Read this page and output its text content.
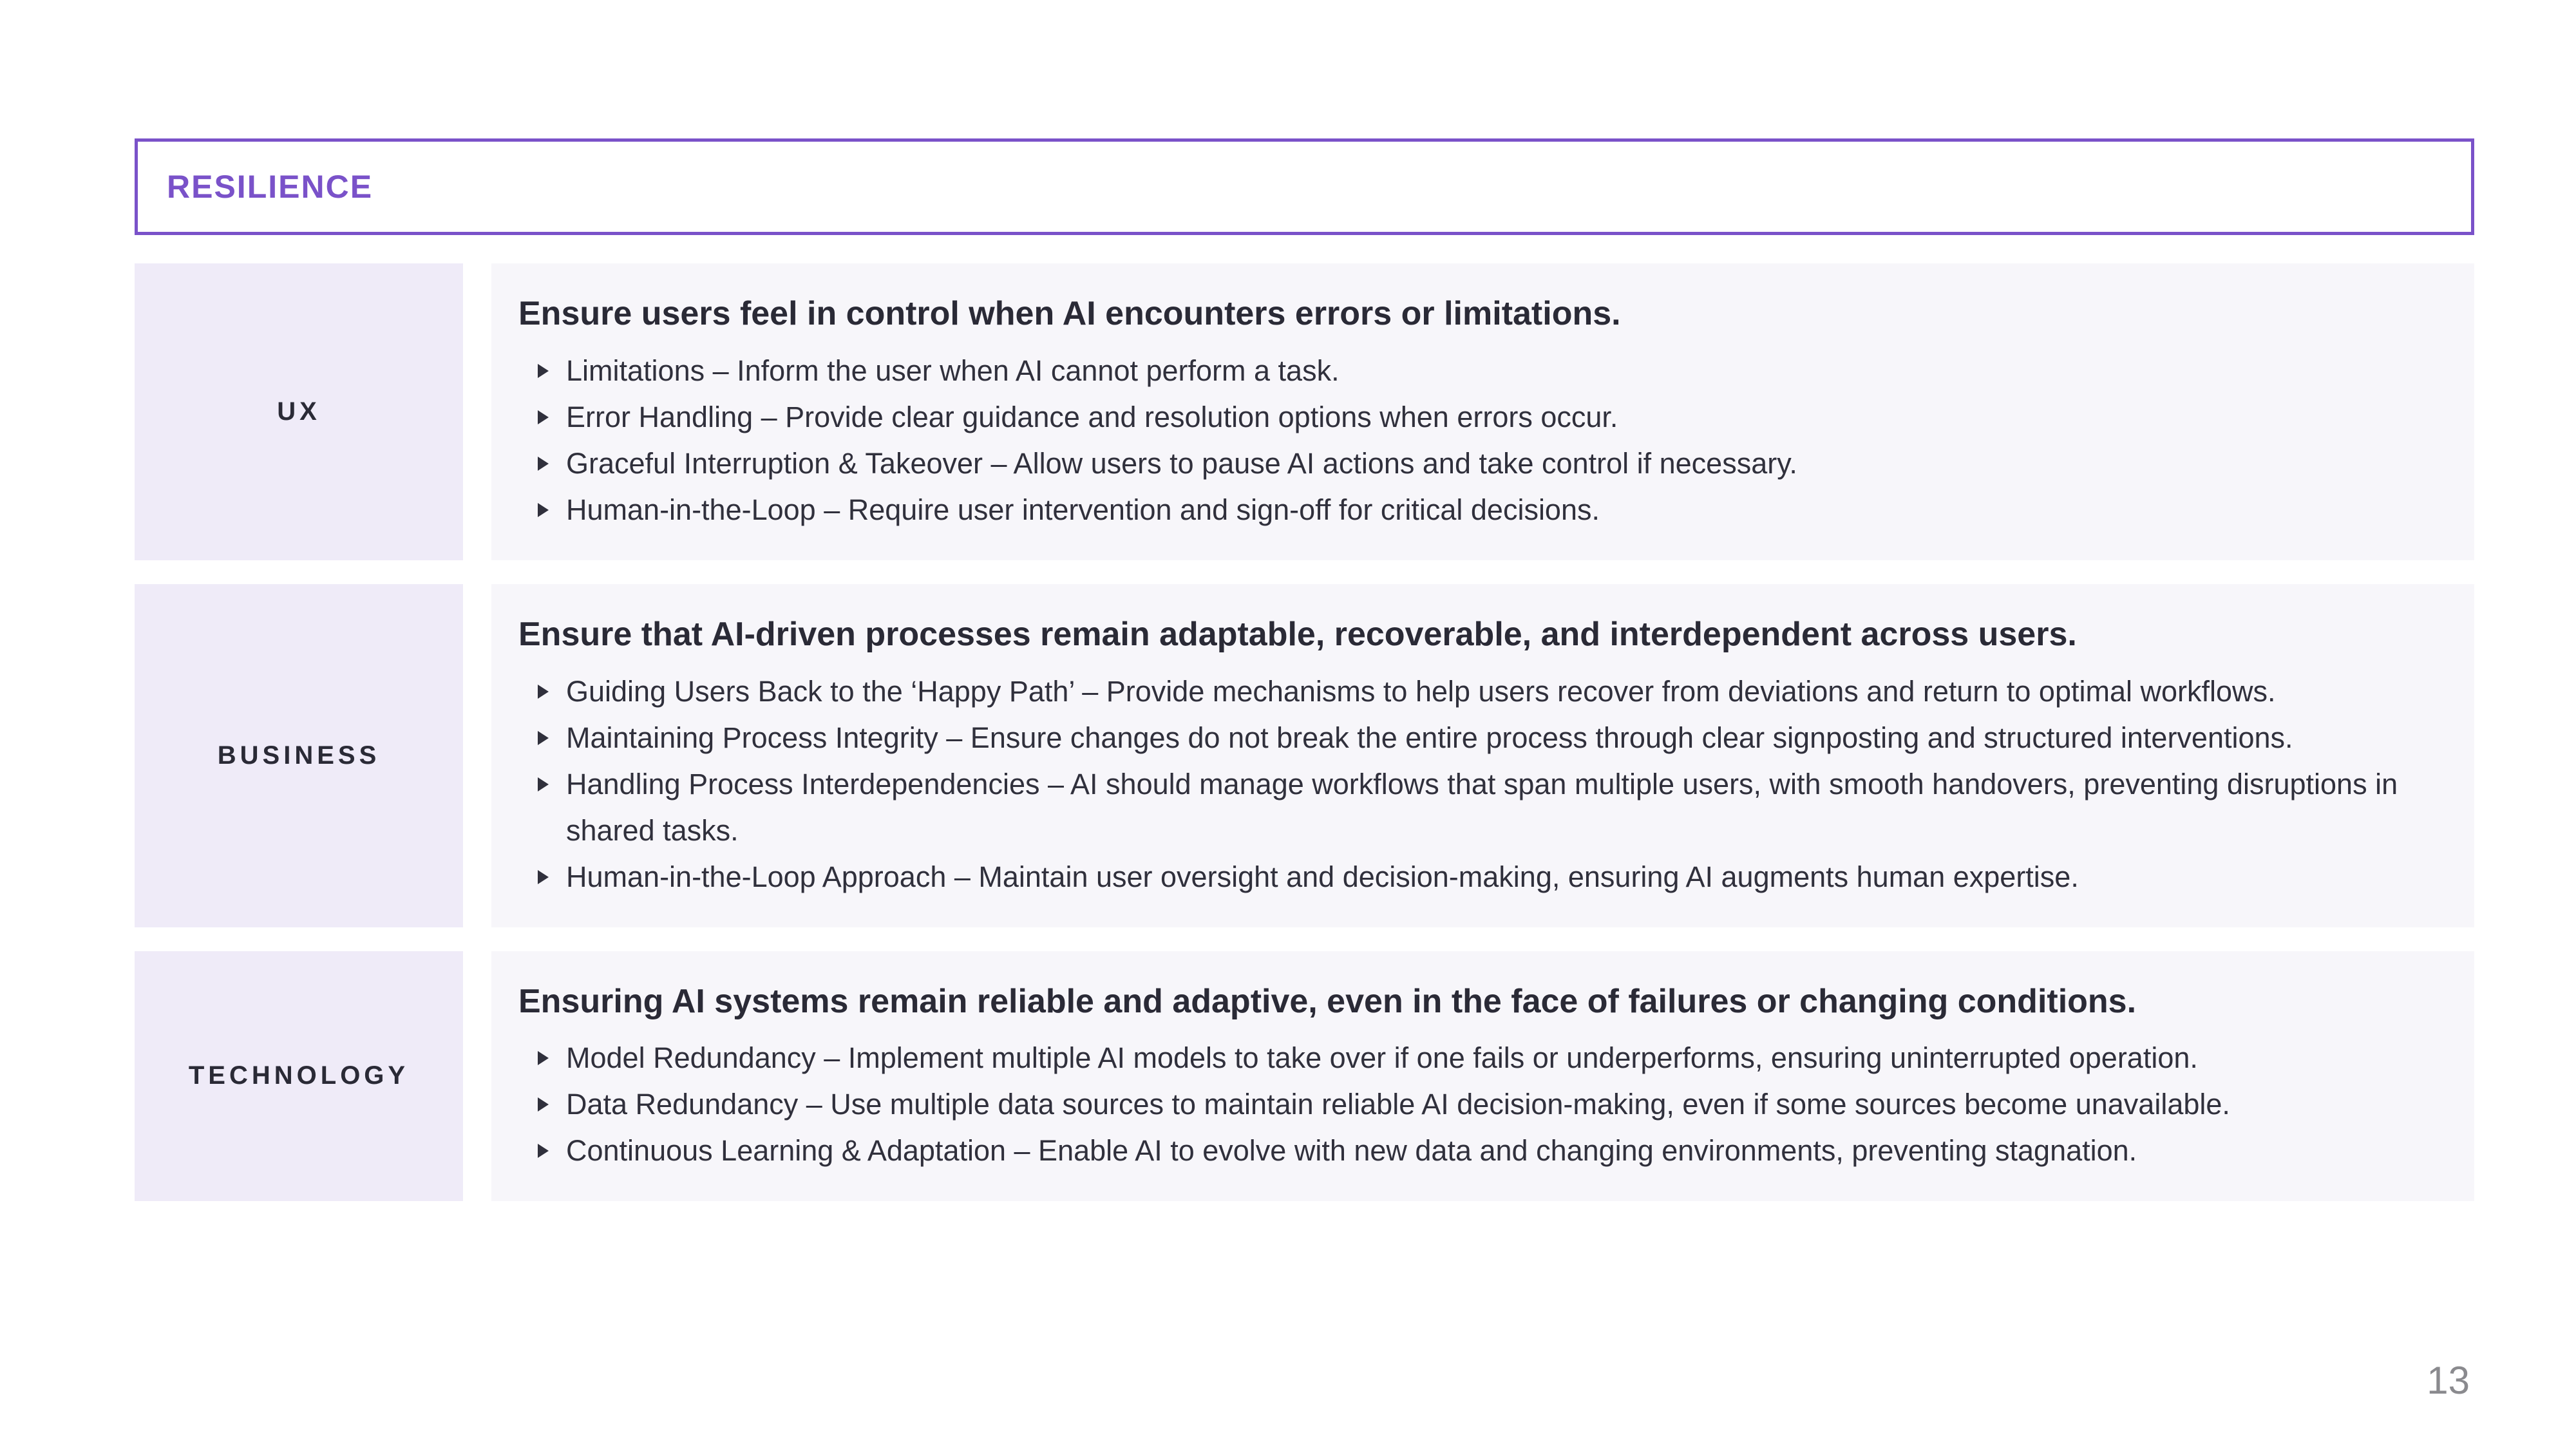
RESILIENCE
UX
Ensure users feel in control when AI encounters errors or limitations.
Limitations – Inform the user when AI cannot perform a task.
Error Handling – Provide clear guidance and resolution options when errors occur.
Graceful Interruption & Takeover – Allow users to pause AI actions and take control if necessary.
Human-in-the-Loop – Require user intervention and sign-off for critical decisions.
BUSINESS
Ensure that AI-driven processes remain adaptable, recoverable, and interdependent across users.
Guiding Users Back to the ‘Happy Path’ – Provide mechanisms to help users recover from deviations and return to optimal workflows.
Maintaining Process Integrity – Ensure changes do not break the entire process through clear signposting and structured interventions.
Handling Process Interdependencies – AI should manage workflows that span multiple users, with smooth handovers, preventing disruptions in shared tasks.
Human-in-the-Loop Approach – Maintain user oversight and decision-making, ensuring AI augments human expertise.
TECHNOLOGY
Ensuring AI systems remain reliable and adaptive, even in the face of failures or changing conditions.
Model Redundancy – Implement multiple AI models to take over if one fails or underperforms, ensuring uninterrupted operation.
Data Redundancy – Use multiple data sources to maintain reliable AI decision-making, even if some sources become unavailable.
Continuous Learning & Adaptation – Enable AI to evolve with new data and changing environments, preventing stagnation.
13
